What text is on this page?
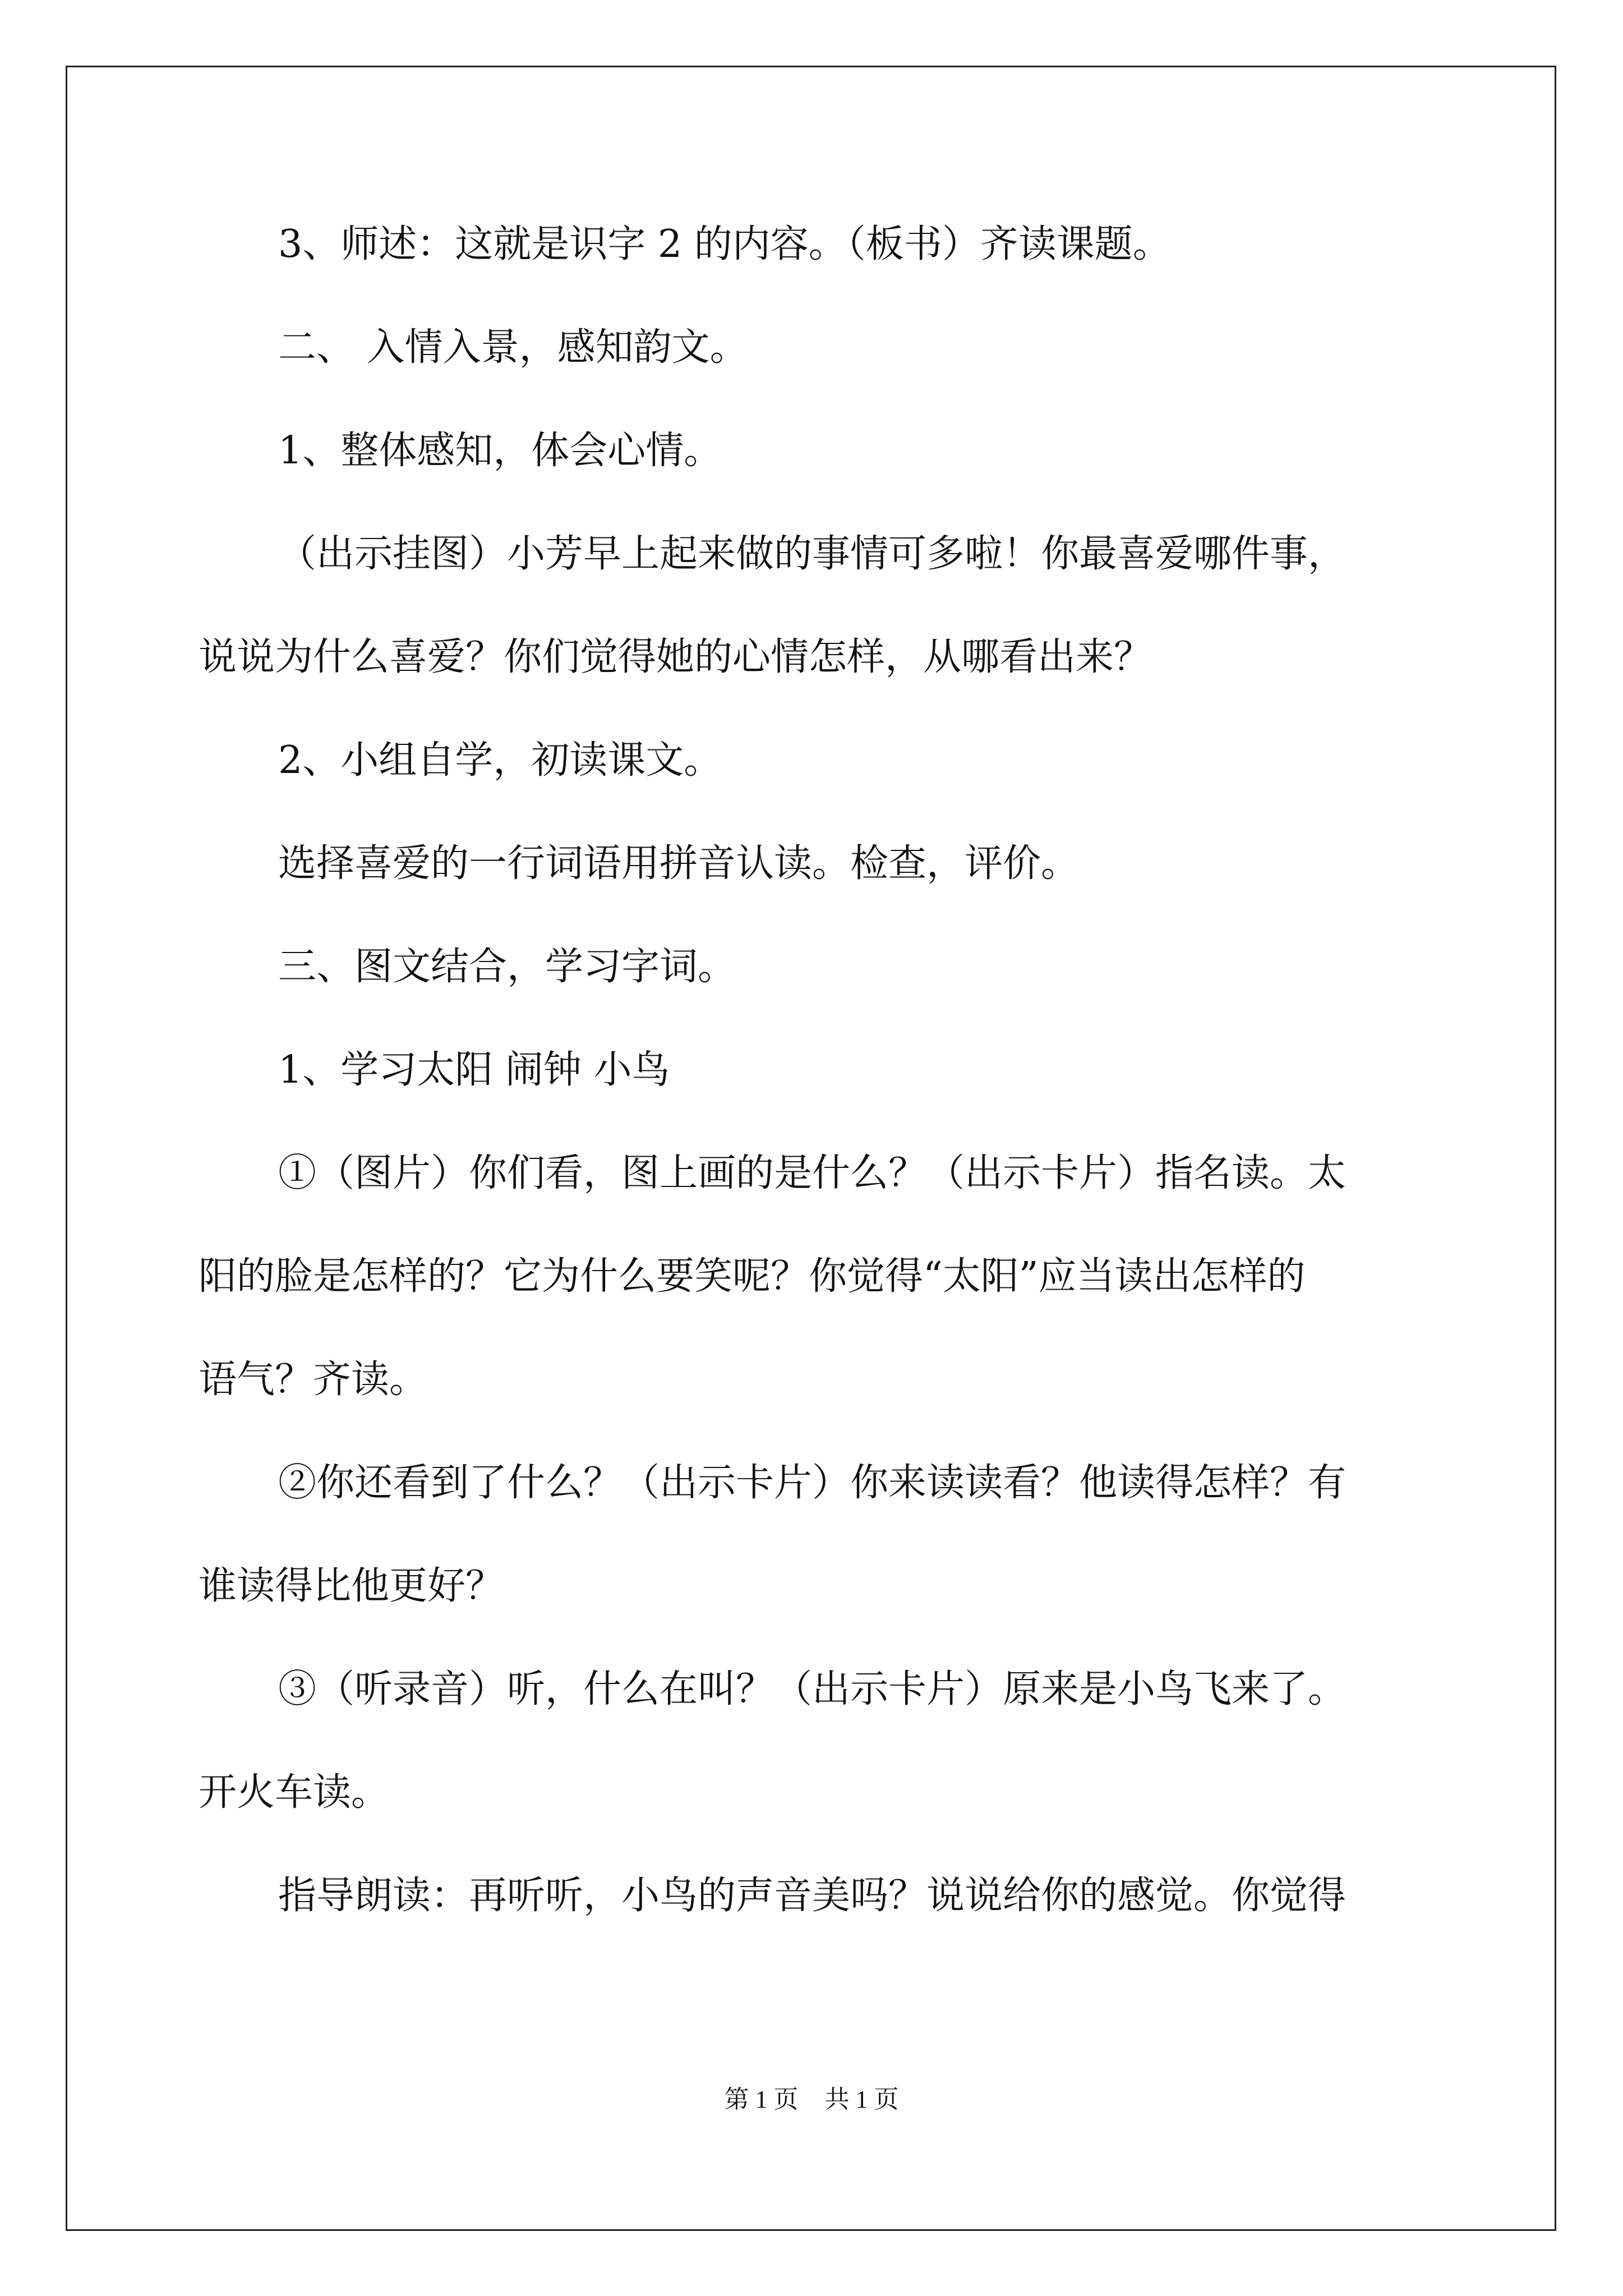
3、师述：这就是识字 2 的内容。（板书）齐读课题。
二、 入情入景，感知韵文。
1、整体感知，体会心情。
（出示挂图）小芳早上起来做的事情可多啦！你最喜爱哪件事，
说说为什么喜爱？你们觉得她的心情怎样，从哪看出来？
2、小组自学，初读课文。
选择喜爱的一行词语用拼音认读。检查，评价。
三、图文结合，学习字词。
1、学习太阳 闹钟 小鸟
①（图片）你们看，图上画的是什么？（出示卡片）指名读。太
阳的脸是怎样的？它为什么要笑呢？你觉得“太阳”应当读出怎样的
语气？齐读。
②你还看到了什么？（出示卡片）你来读读看？他读得怎样？有
谁读得比他更好？
③（听录音）听，什么在叫？（出示卡片）原来是小鸟飞来了。
开火车读。
指导朗读：再听听，小鸟的声音美吗？说说给你的感觉。你觉得
第 1 页 共 1 页
